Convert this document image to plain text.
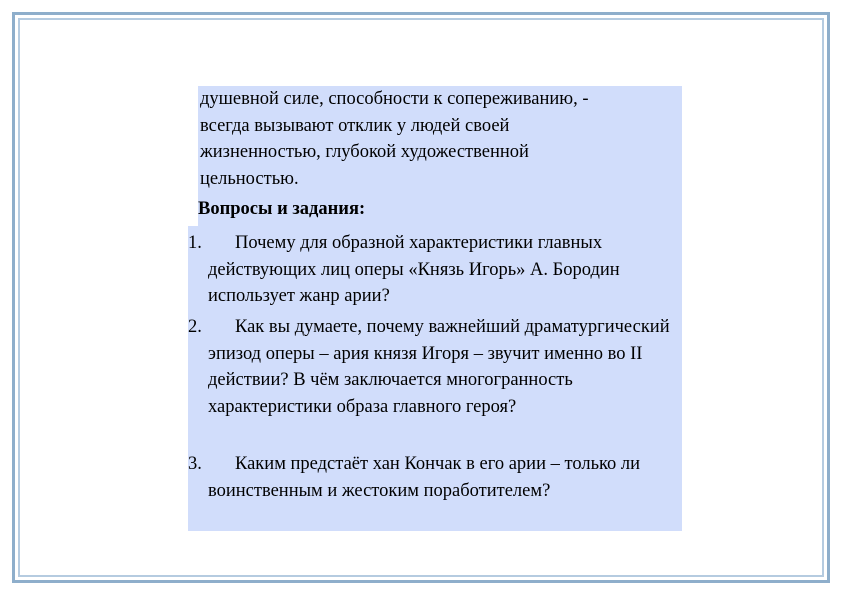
душевной силе, способности к сопереживанию, -
всегда вызывают отклик у людей своей
жизненностью, глубокой художественной
цельностью.
Вопросы и задания:
1.	Почему для образной характеристики главных действующих лиц оперы «Князь Игорь» А. Бородин использует жанр арии?
2.	Как вы думаете, почему важнейший драматургический эпизод оперы – ария князя Игоря – звучит именно во II действии? В чём заключается многогранность характеристики образа главного героя?
3.	Каким предстаёт хан Кончак в его арии – только ли воинственным и жестоким поработителем?
